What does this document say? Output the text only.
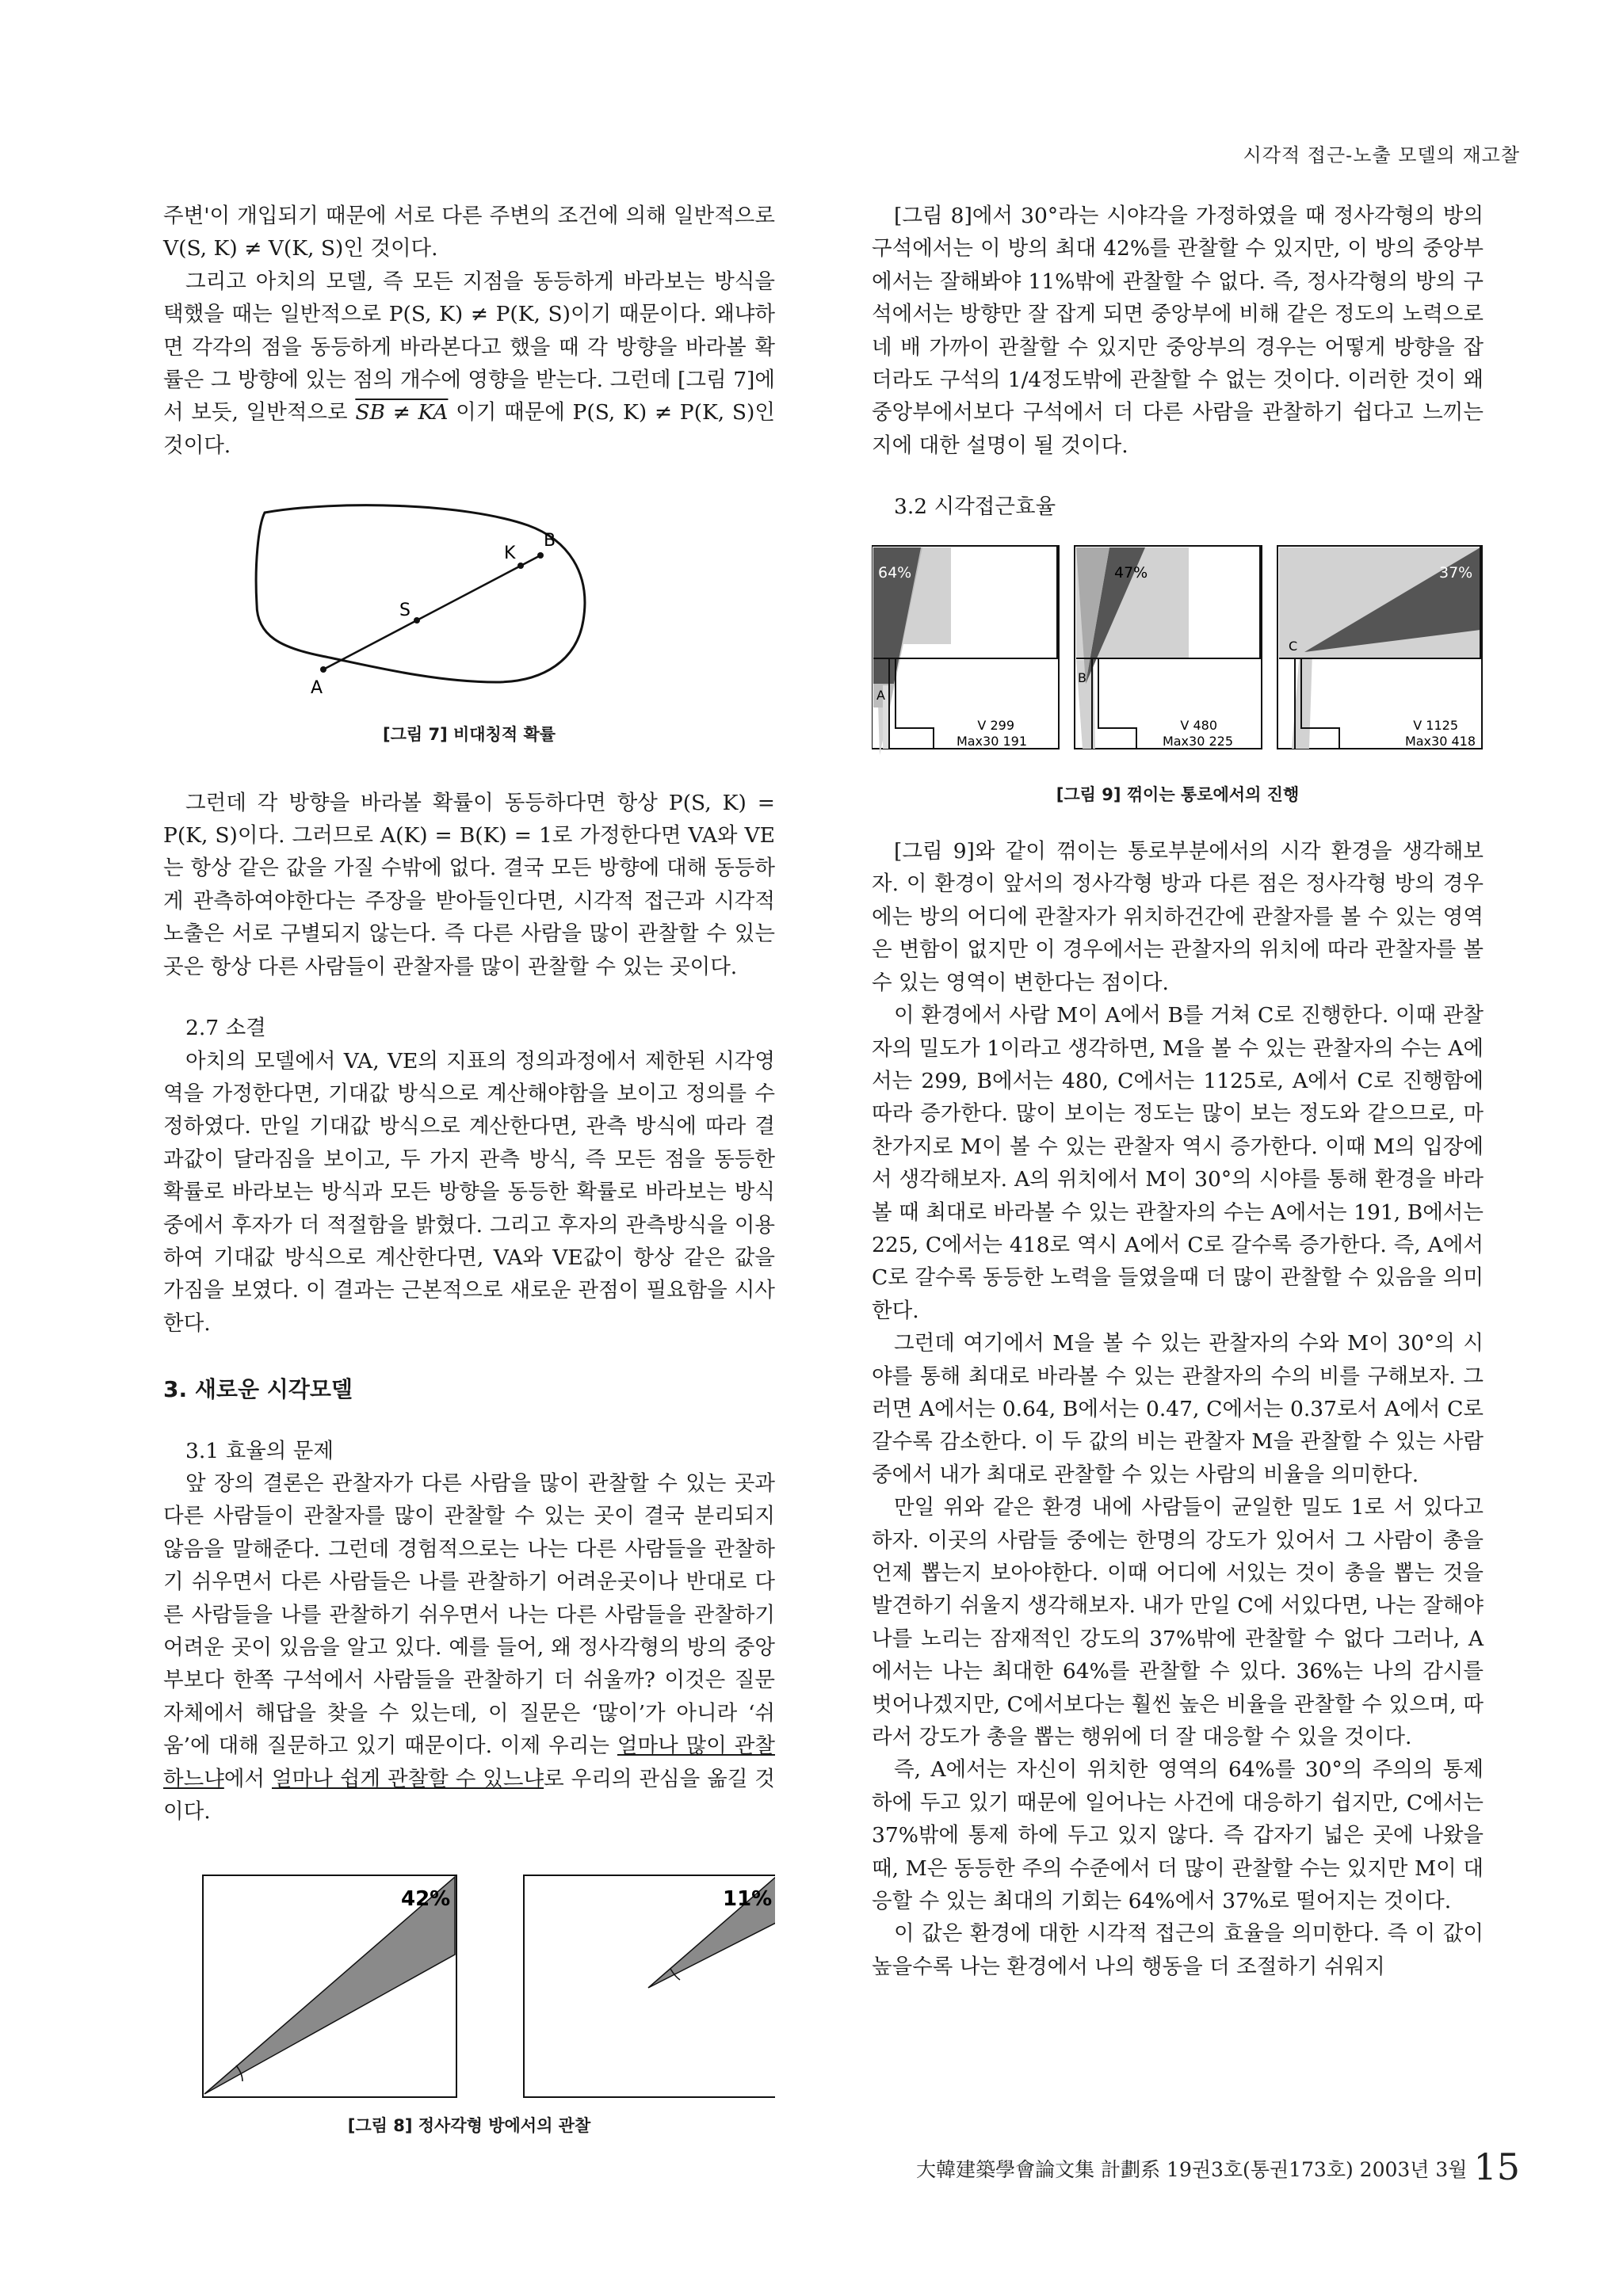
시각적 접근-노출 모델의 재고찰

주변'이 개입되기 때문에 서로 다른 주변의 조건에 의해 일반적으로 V(S, K) ≠ V(K, S)인 것이다.

그리고 아치의 모델, 즉 모든 지점을 동등하게 바라보는 방식을 택했을 때는 일반적으로 P(S, K) ≠ P(K, S)이기 때문이다. 왜냐하면 각각의 점을 동등하게 바라본다고 했을 때 각 방향을 바라볼 확률은 그 방향에 있는 점의 개수에 영향을 받는다. 그런데 [그림 7]에서 보듯, 일반적으로 SB ≠ KA 이기 때문에 P(S, K) ≠ P(K, S)인 것이다.

A
S
K
B
[그림 7] 비대칭적 확률

그런데 각 방향을 바라볼 확률이 동등하다면 항상 P(S, K) = P(K, S)이다. 그러므로 A(K) = B(K) = 1로 가정한다면 VA와 VE는 항상 같은 값을 가질 수밖에 없다. 결국 모든 방향에 대해 동등하게 관측하여야한다는 주장을 받아들인다면, 시각적 접근과 시각적 노출은 서로 구별되지 않는다. 즉 다른 사람을 많이 관찰할 수 있는 곳은 항상 다른 사람들이 관찰자를 많이 관찰할 수 있는 곳이다.

2.7 소결

아치의 모델에서 VA, VE의 지표의 정의과정에서 제한된 시각영역을 가정한다면, 기대값 방식으로 계산해야함을 보이고 정의를 수정하였다. 만일 기대값 방식으로 계산한다면, 관측 방식에 따라 결과값이 달라짐을 보이고, 두 가지 관측 방식, 즉 모든 점을 동등한 확률로 바라보는 방식과 모든 방향을 동등한 확률로 바라보는 방식 중에서 후자가 더 적절함을 밝혔다. 그리고 후자의 관측방식을 이용하여 기대값 방식으로 계산한다면, VA와 VE값이 항상 같은 값을 가짐을 보였다. 이 결과는 근본적으로 새로운 관점이 필요함을 시사한다.

3. 새로운 시각모델

3.1 효율의 문제

앞 장의 결론은 관찰자가 다른 사람을 많이 관찰할 수 있는 곳과 다른 사람들이 관찰자를 많이 관찰할 수 있는 곳이 결국 분리되지 않음을 말해준다. 그런데 경험적으로는 나는 다른 사람들을 관찰하기 쉬우면서 다른 사람들은 나를 관찰하기 어려운곳이나 반대로 다른 사람들을 나를 관찰하기 쉬우면서 나는 다른 사람들을 관찰하기 어려운 곳이 있음을 알고 있다. 예를 들어, 왜 정사각형의 방의 중앙부보다 한쪽 구석에서 사람들을 관찰하기 더 쉬울까? 이것은 질문 자체에서 해답을 찾을 수 있는데, 이 질문은 ‘많이’가 아니라 ‘쉬움’에 대해 질문하고 있기 때문이다. 이제 우리는 얼마나 많이 관찰하느냐에서 얼마나 쉽게 관찰할 수 있느냐로 우리의 관심을 옮길 것이다.

42%	11%
[그림 8] 정사각형 방에서의 관찰

[그림 8]에서 30°라는 시야각을 가정하였을 때 정사각형의 방의 구석에서는 이 방의 최대 42%를 관찰할 수 있지만, 이 방의 중앙부에서는 잘해봐야 11%밖에 관찰할 수 없다. 즉, 정사각형의 방의 구석에서는 방향만 잘 잡게 되면 중앙부에 비해 같은 정도의 노력으로 네 배 가까이 관찰할 수 있지만 중앙부의 경우는 어떻게 방향을 잡더라도 구석의 1/4정도밖에 관찰할 수 없는 것이다. 이러한 것이 왜 중앙부에서보다 구석에서 더 다른 사람을 관찰하기 쉽다고 느끼는지에 대한 설명이 될 것이다.

3.2 시각접근효율

64%
A
V 299
Max30 191
47%
B
V 480
Max30 225
37%
C
V 1125
Max30 418
[그림 9] 꺾이는 통로에서의 진행

[그림 9]와 같이 꺾이는 통로부분에서의 시각 환경을 생각해보자. 이 환경이 앞서의 정사각형 방과 다른 점은 정사각형 방의 경우에는 방의 어디에 관찰자가 위치하건간에 관찰자를 볼 수 있는 영역은 변함이 없지만 이 경우에서는 관찰자의 위치에 따라 관찰자를 볼 수 있는 영역이 변한다는 점이다.

이 환경에서 사람 M이 A에서 B를 거쳐 C로 진행한다. 이때 관찰자의 밀도가 1이라고 생각하면, M을 볼 수 있는 관찰자의 수는 A에서는 299, B에서는 480, C에서는 1125로, A에서 C로 진행함에 따라 증가한다. 많이 보이는 정도는 많이 보는 정도와 같으므로, 마찬가지로 M이 볼 수 있는 관찰자 역시 증가한다. 이때 M의 입장에서 생각해보자. A의 위치에서 M이 30°의 시야를 통해 환경을 바라볼 때 최대로 바라볼 수 있는 관찰자의 수는 A에서는 191, B에서는 225, C에서는 418로 역시 A에서 C로 갈수록 증가한다. 즉, A에서 C로 갈수록 동등한 노력을 들였을때 더 많이 관찰할 수 있음을 의미한다.

그런데 여기에서 M을 볼 수 있는 관찰자의 수와 M이 30°의 시야를 통해 최대로 바라볼 수 있는 관찰자의 수의 비를 구해보자. 그러면 A에서는 0.64, B에서는 0.47, C에서는 0.37로서 A에서 C로 갈수록 감소한다. 이 두 값의 비는 관찰자 M을 관찰할 수 있는 사람 중에서 내가 최대로 관찰할 수 있는 사람의 비율을 의미한다.

만일 위와 같은 환경 내에 사람들이 균일한 밀도 1로 서 있다고 하자. 이곳의 사람들 중에는 한명의 강도가 있어서 그 사람이 총을 언제 뽑는지 보아야한다. 이때 어디에 서있는 것이 총을 뽑는 것을 발견하기 쉬울지 생각해보자. 내가 만일 C에 서있다면, 나는 잘해야 나를 노리는 잠재적인 강도의 37%밖에 관찰할 수 없다 그러나, A에서는 나는 최대한 64%를 관찰할 수 있다. 36%는 나의 감시를 벗어나겠지만, C에서보다는 훨씬 높은 비율을 관찰할 수 있으며, 따라서 강도가 총을 뽑는 행위에 더 잘 대응할 수 있을 것이다.

즉, A에서는 자신이 위치한 영역의 64%를 30°의 주의의 통제 하에 두고 있기 때문에 일어나는 사건에 대응하기 쉽지만, C에서는 37%밖에 통제 하에 두고 있지 않다. 즉 갑자기 넓은 곳에 나왔을 때, M은 동등한 주의 수준에서 더 많이 관찰할 수는 있지만 M이 대응할 수 있는 최대의 기회는 64%에서 37%로 떨어지는 것이다.

이 값은 환경에 대한 시각적 접근의 효율을 의미한다. 즉 이 값이 높을수록 나는 환경에서 나의 행동을 더 조절하기 쉬워지

大韓建築學會論文集 計劃系 19권3호(통권173호) 2003년 3월 15
